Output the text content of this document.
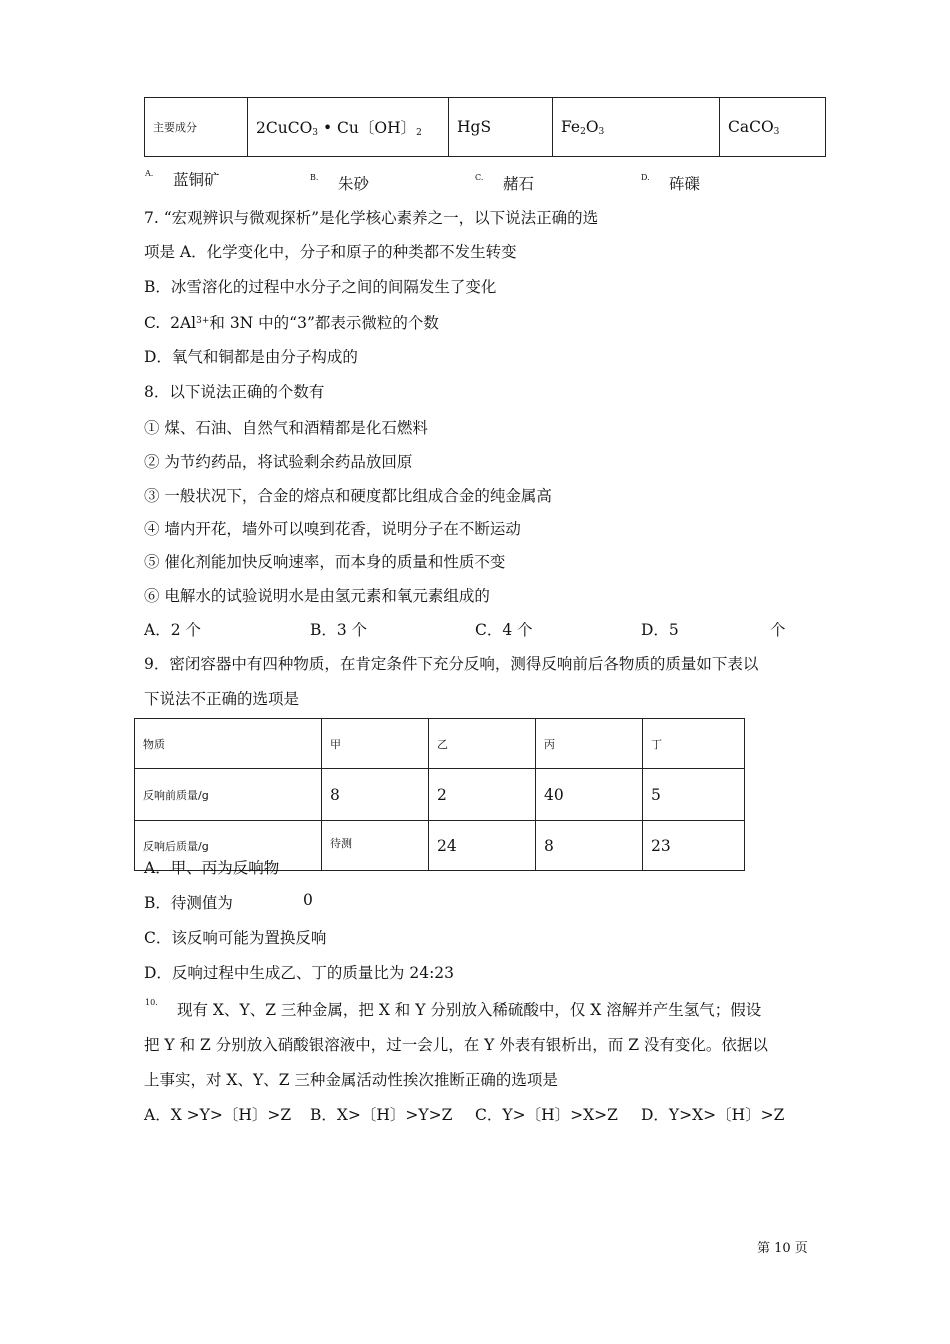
主要成分	2CuCO$_3$ • Cu〔OH〕$_2$	HgS	$Fe_2O_3$	CaCO$_3$
A. 蓝铜矿	B. 朱砂	C. 赭石	D. 砗磲
7. “宏观辨识与微观探析”是化学核心素养之一，以下说法正确的选
项是 A．化学变化中，分子和原子的种类都不发生转变
B．冰雪溶化的过程中水分子之间的间隔发生了变化
C. $2Al^{3+}$和 3N 中的“3”都表示微粒的个数
D．氧气和铜都是由分子构成的
8．以下说法正确的个数有
① 煤、石油、自然气和酒精都是化石燃料
② 为节约药品，将试验剩余药品放回原
③ 一般状况下，合金的熔点和硬度都比组成合金的纯金属高
④ 墙内开花，墙外可以嗅到花香，说明分子在不断运动
⑤ 催化剂能加快反响速率，而本身的质量和性质不变
⑥ 电解水的试验说明水是由氢元素和氧元素组成的
A．2 个	B．3 个	C．4 个	D．5	个
9．密闭容器中有四种物质，在肯定条件下充分反响，测得反响前后各物质的质量如下表以
下说法不正确的选项是
物质	甲	乙	丙	丁
反响前质量/g	8	2	40	5
反响后质量/g	待测	24	8	23
A．甲、丙为反响物
B．待测值为	0
C．该反响可能为置换反响
D．反响过程中生成乙、丁的质量比为 24:23
10. 现有 X、Y、Z 三种金属，把 X 和 Y 分别放入稀硫酸中，仅 X 溶解并产生氢气；假设
把 Y 和 Z 分别放入硝酸银溶液中，过一会儿，在 Y 外表有银析出，而 Z 没有变化。依据以
上事实，对 X、Y、Z 三种金属活动性挨次推断正确的选项是
A．X >Y>〔H〕>Z B．X>〔H〕>Y>Z C．Y>〔H〕>X>Z D．Y>X>〔H〕>Z
第 10 页
